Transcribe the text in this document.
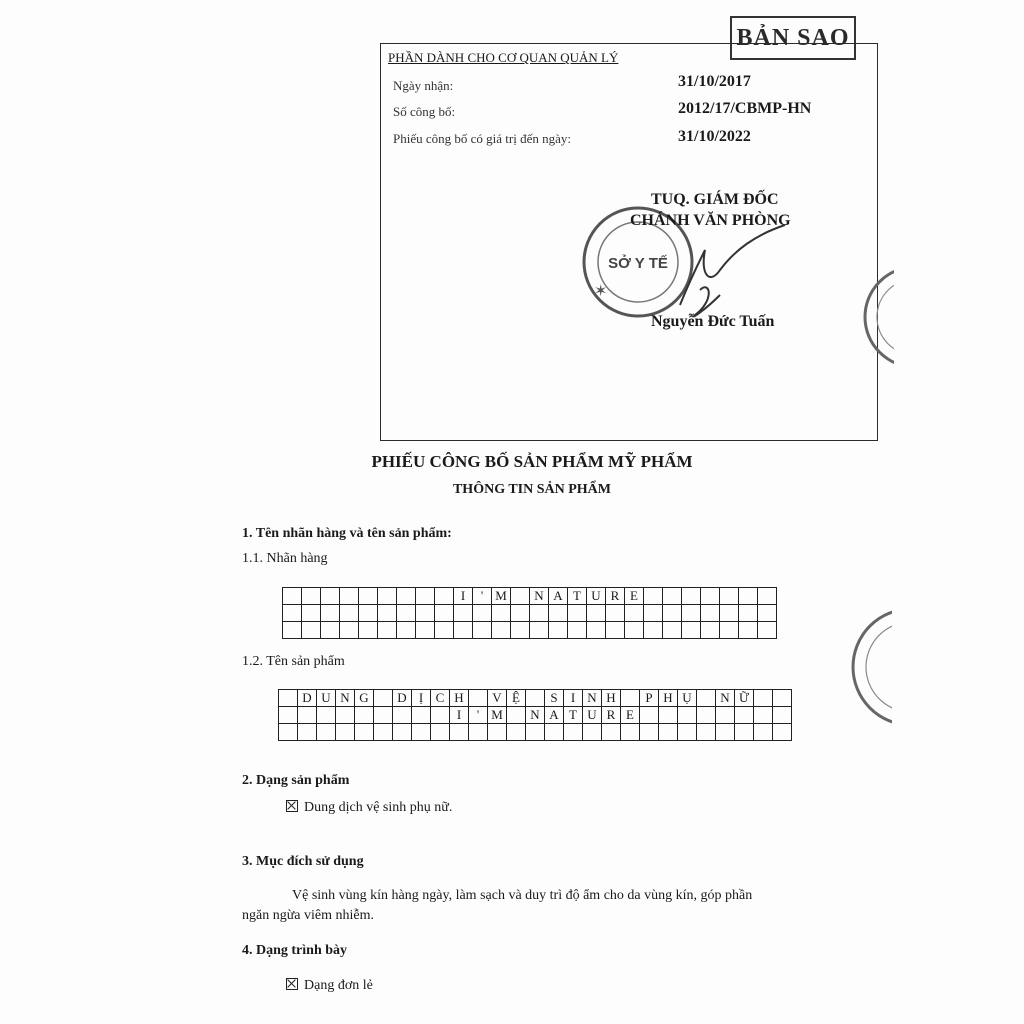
BẢN SAO
PHẦN DÀNH CHO CƠ QUAN QUẢN LÝ
Ngày nhận:	31/10/2017
Số công bố:	2012/17/CBMP-HN
Phiếu công bố có giá trị đến ngày:	31/10/2022
SỞ Y TẾ
✶
TUQ. GIÁM ĐỐC
CHÁNH VĂN PHÒNG
Nguyễn Đức Tuấn
PHIẾU CÔNG BỐ SẢN PHẨM MỸ PHẨM
THÔNG TIN SẢN PHẨM
1. Tên nhãn hàng và tên sản phẩm:
1.1. Nhãn hàng
									I	'	M		N	A	T	U	R	E							

1.2. Tên sản phẩm
	D	U	N	G		D	Ị	C	H		V	Ệ		S	I	N	H		P	H	Ụ		N	Ữ		
									I	'	M		N	A	T	U	R	E								

2. Dạng sản phẩm
Dung dịch vệ sinh phụ nữ.
3. Mục đích sử dụng
Vệ sinh vùng kín hàng ngày, làm sạch và duy trì độ ẩm cho da vùng kín, góp phần
ngăn ngừa viêm nhiễm.
4. Dạng trình bày
Dạng đơn lẻ
